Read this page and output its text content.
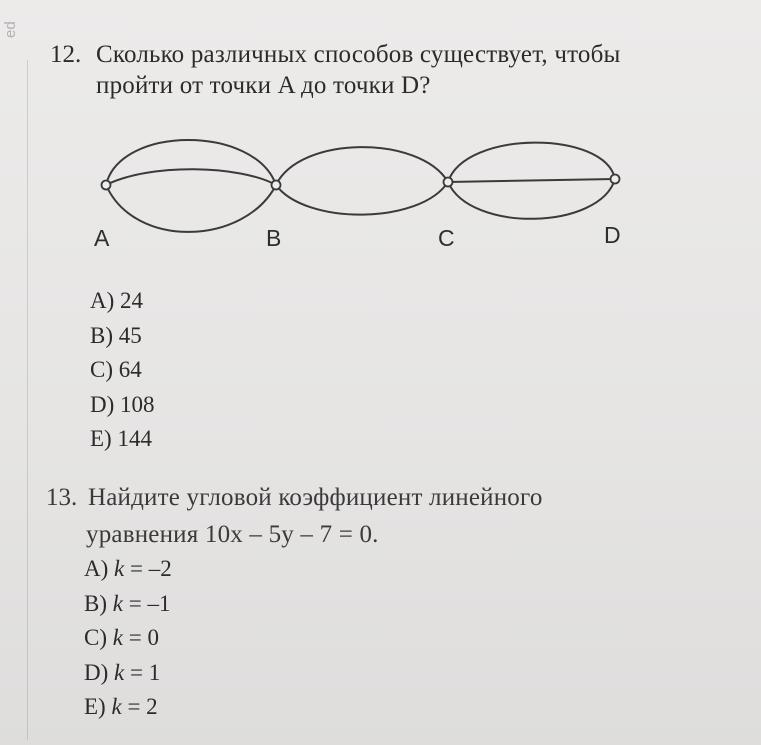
ed
12. Сколько различных способов существует, чтобы
пройти от точки A до точки D?
A	B	C	D
A) 24
B) 45
C) 64
D) 108
E) 144
13. Найдите угловой коэффициент линейного
уравнения 10x – 5y – 7 = 0.
A) k = –2
B) k = –1
C) k = 0
D) k = 1
E) k = 2
